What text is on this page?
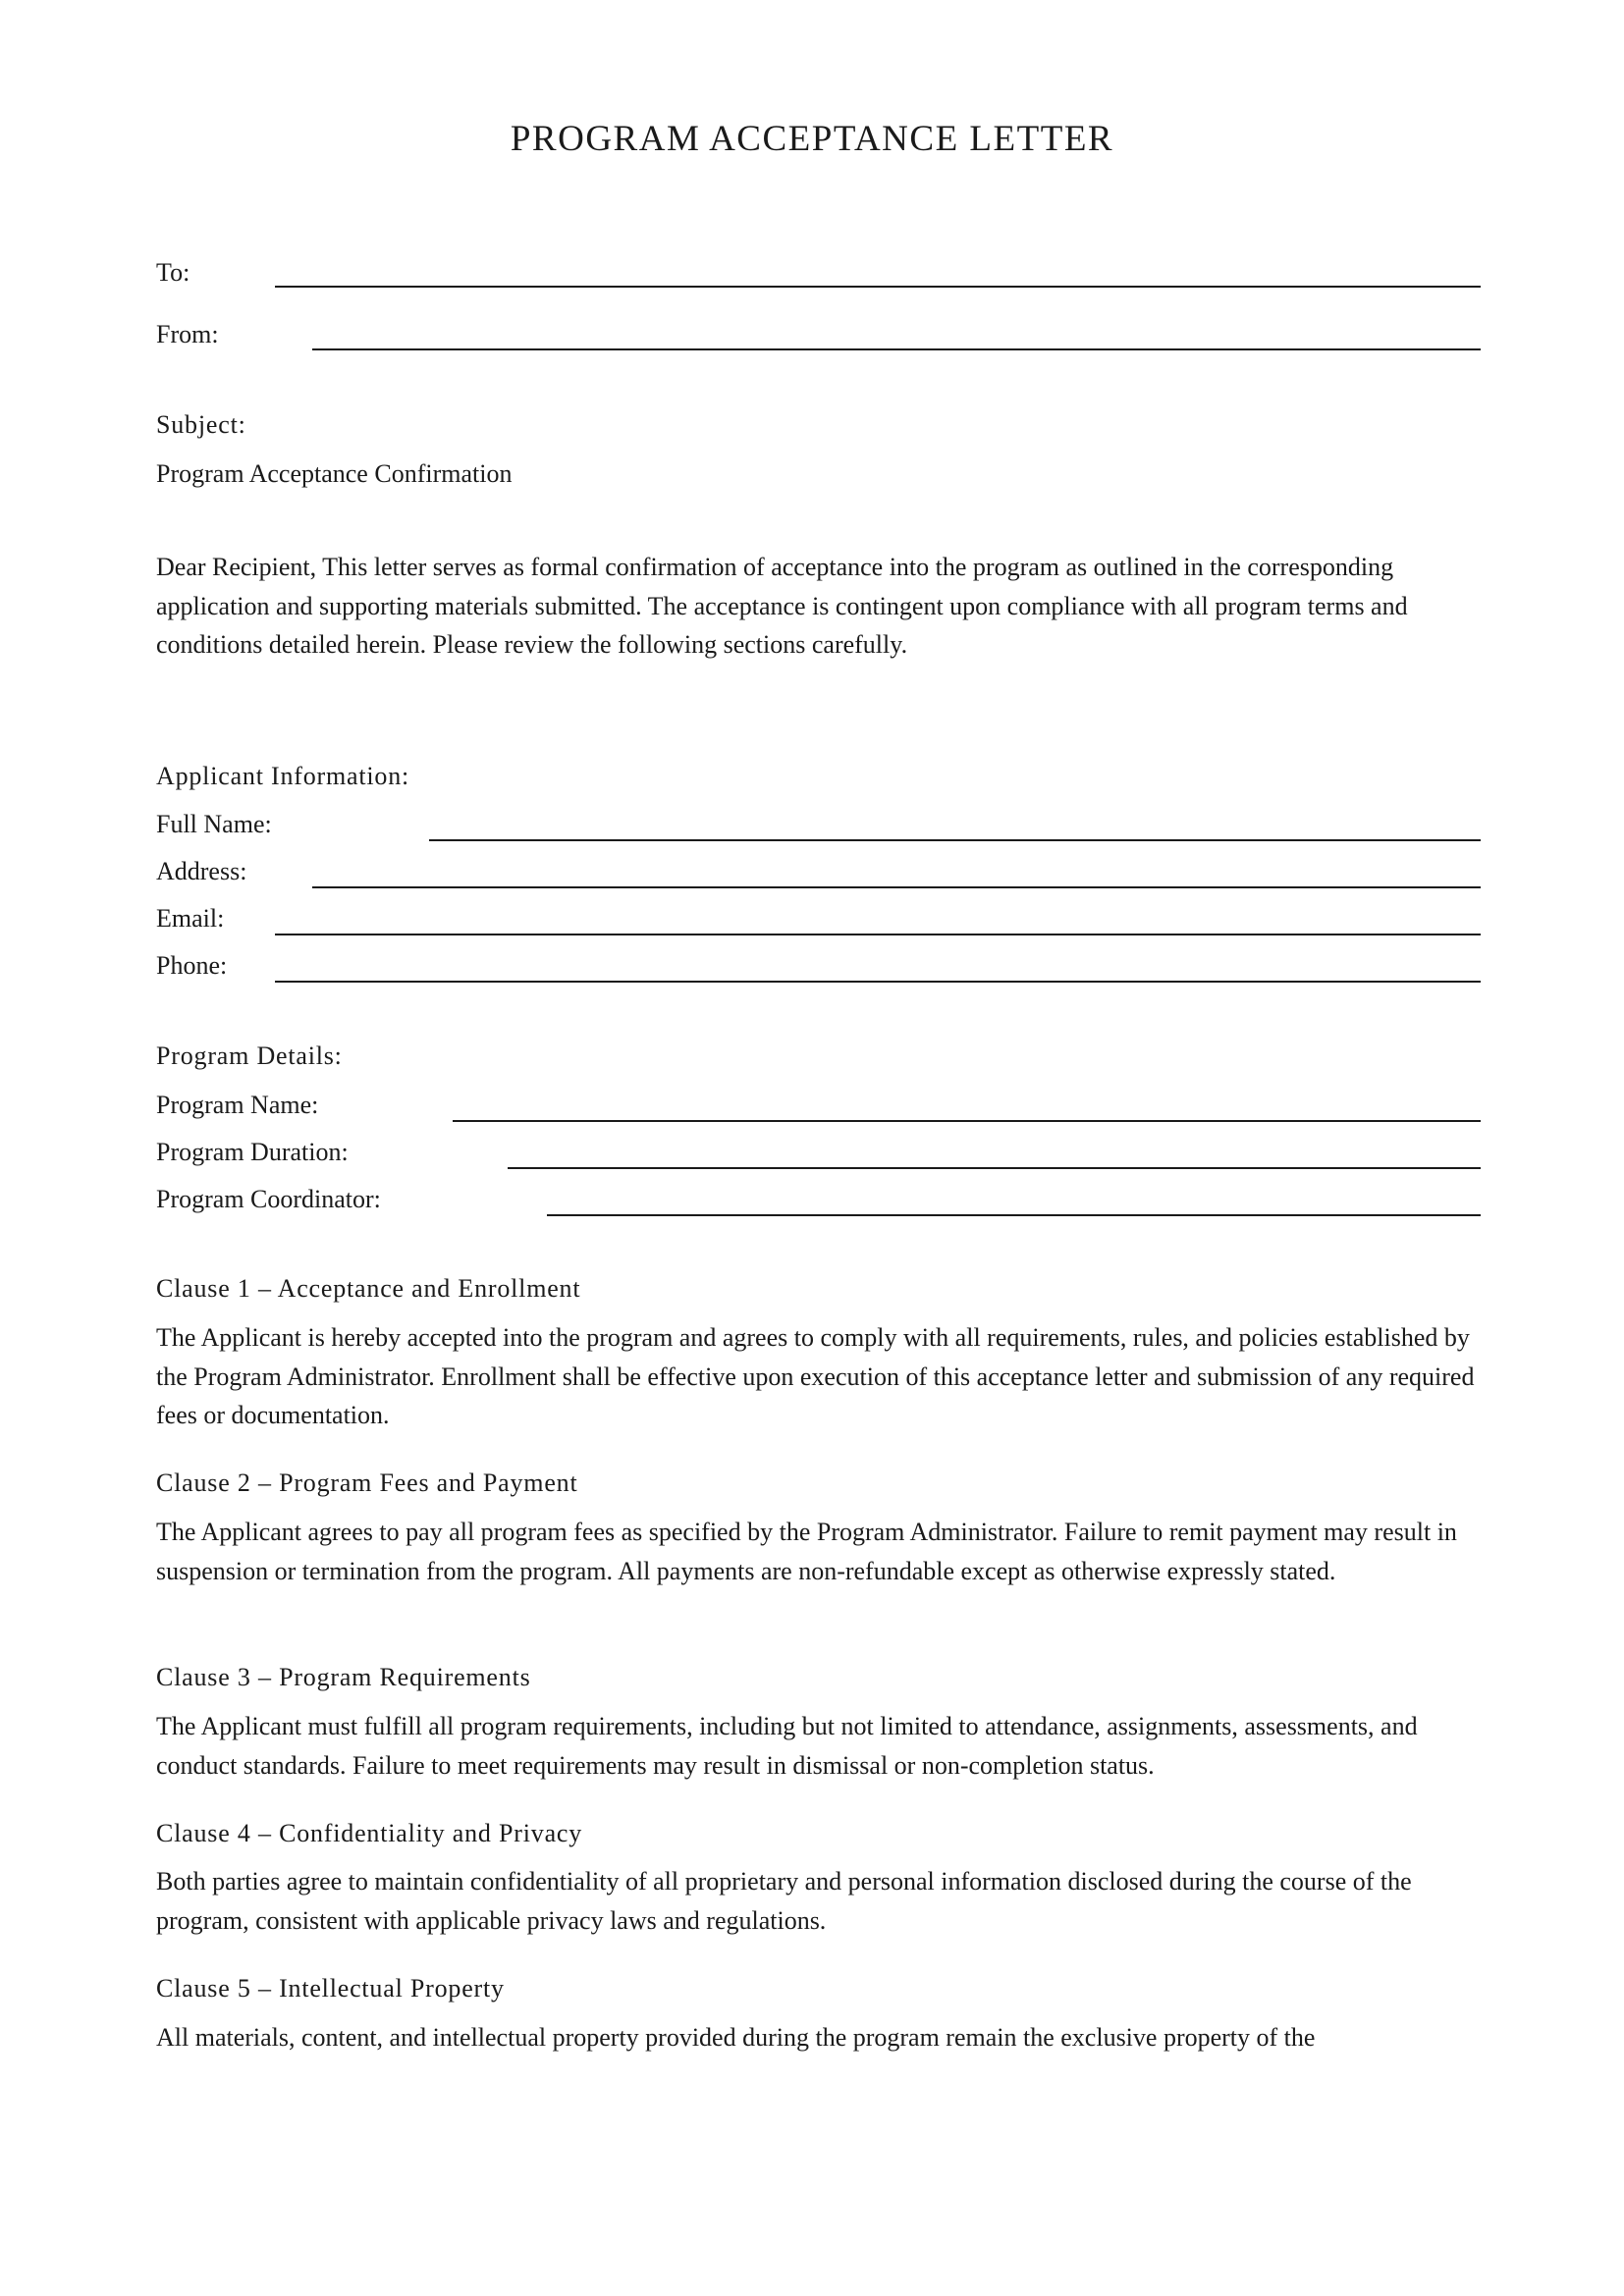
PROGRAM ACCEPTANCE LETTER
To:
From:
Subject:
Program Acceptance Confirmation

Dear Recipient, This letter serves as formal confirmation of acceptance into the program as outlined in the corresponding application and supporting materials submitted. The acceptance is contingent upon compliance with all program terms and conditions detailed herein. Please review the following sections carefully.

Applicant Information:
Full Name:
Address:
Email:
Phone:
Program Details:
Program Name:
Program Duration:
Program Coordinator:
Clause 1 – Acceptance and Enrollment

The Applicant is hereby accepted into the program and agrees to comply with all requirements, rules, and policies established by the Program Administrator. Enrollment shall be effective upon execution of this acceptance letter and submission of any required fees or documentation.

Clause 2 – Program Fees and Payment

The Applicant agrees to pay all program fees as specified by the Program Administrator. Failure to remit payment may result in suspension or termination from the program. All payments are non-refundable except as otherwise expressly stated.

Clause 3 – Program Requirements

The Applicant must fulfill all program requirements, including but not limited to attendance, assignments, assessments, and conduct standards. Failure to meet requirements may result in dismissal or non-completion status.

Clause 4 – Confidentiality and Privacy

Both parties agree to maintain confidentiality of all proprietary and personal information disclosed during the course of the program, consistent with applicable privacy laws and regulations.

Clause 5 – Intellectual Property

All materials, content, and intellectual property provided during the program remain the exclusive property of the
